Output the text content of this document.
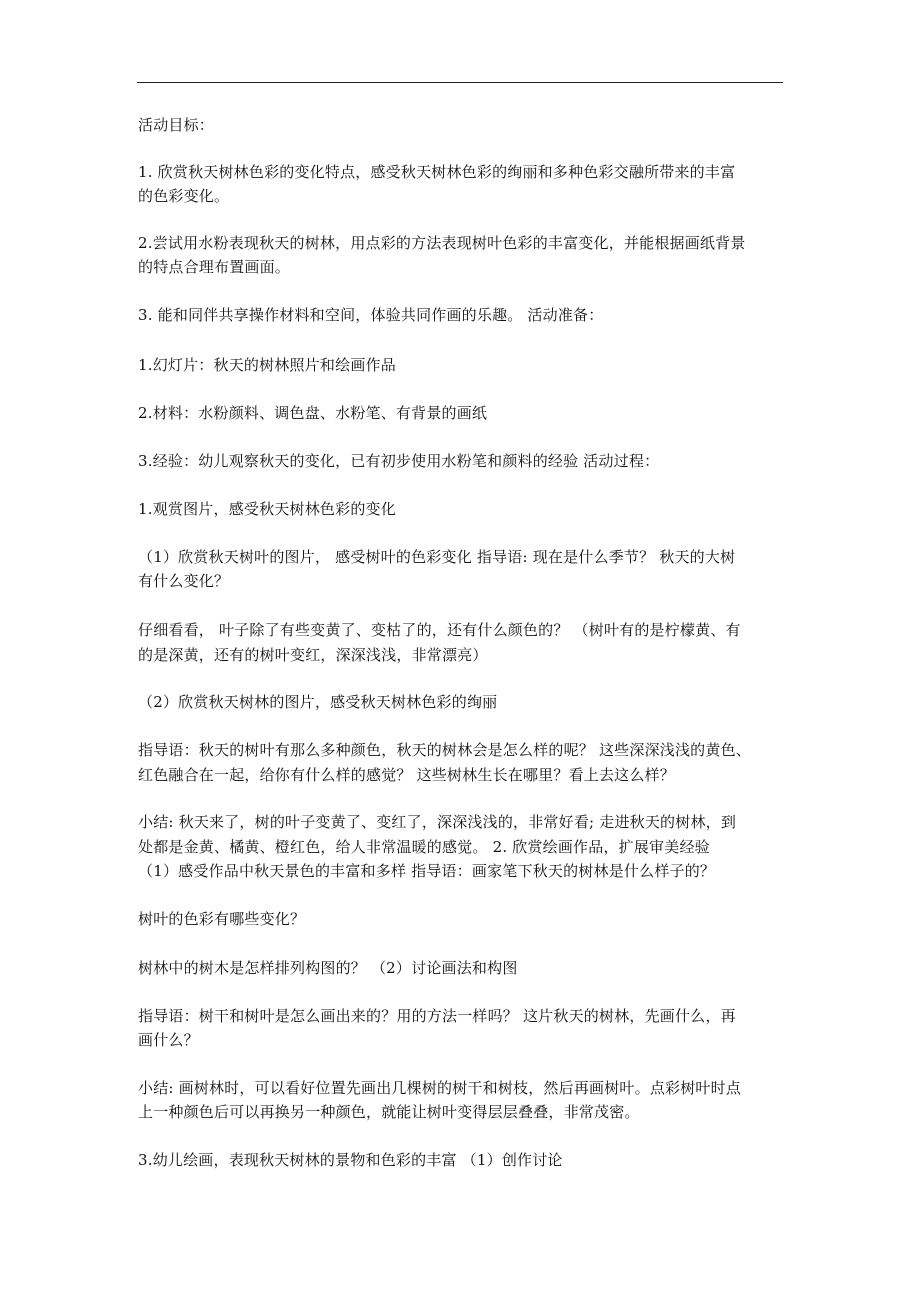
活动目标：
1. 欣赏秋天树林色彩的变化特点，感受秋天树林色彩的绚丽和多种色彩交融所带来的丰富
的色彩变化。
2.尝试用水粉表现秋天的树林，用点彩的方法表现树叶色彩的丰富变化，并能根据画纸背景
的特点合理布置画面。
3. 能和同伴共享操作材料和空间，体验共同作画的乐趣。 活动准备：
1.幻灯片：秋天的树林照片和绘画作品
2.材料：水粉颜料、调色盘、水粉笔、有背景的画纸
3.经验：幼儿观察秋天的变化，已有初步使用水粉笔和颜料的经验 活动过程：
1.观赏图片，感受秋天树林色彩的变化
（1）欣赏秋天树叶的图片， 感受树叶的色彩变化 指导语: 现在是什么季节？ 秋天的大树
有什么变化？
仔细看看， 叶子除了有些变黄了、变枯了的，还有什么颜色的？ （树叶有的是柠檬黄、有
的是深黄，还有的树叶变红，深深浅浅，非常漂亮）
（2）欣赏秋天树林的图片，感受秋天树林色彩的绚丽
指导语：秋天的树叶有那么多种颜色，秋天的树林会是怎么样的呢？ 这些深深浅浅的黄色、
红色融合在一起，给你有什么样的感觉？ 这些树林生长在哪里？看上去这么样？
小结: 秋天来了，树的叶子变黄了、变红了，深深浅浅的，非常好看; 走进秋天的树林，到
处都是金黄、橘黄、橙红色，给人非常温暖的感觉。 2. 欣赏绘画作品，扩展审美经验
（1）感受作品中秋天景色的丰富和多样 指导语：画家笔下秋天的树林是什么样子的？
树叶的色彩有哪些变化？
树林中的树木是怎样排列构图的？ （2）讨论画法和构图
指导语：树干和树叶是怎么画出来的？用的方法一样吗？ 这片秋天的树林，先画什么，再
画什么？
小结: 画树林时，可以看好位置先画出几棵树的树干和树枝，然后再画树叶。点彩树叶时点
上一种颜色后可以再换另一种颜色，就能让树叶变得层层叠叠，非常茂密。
3.幼儿绘画，表现秋天树林的景物和色彩的丰富 （1）创作讨论
